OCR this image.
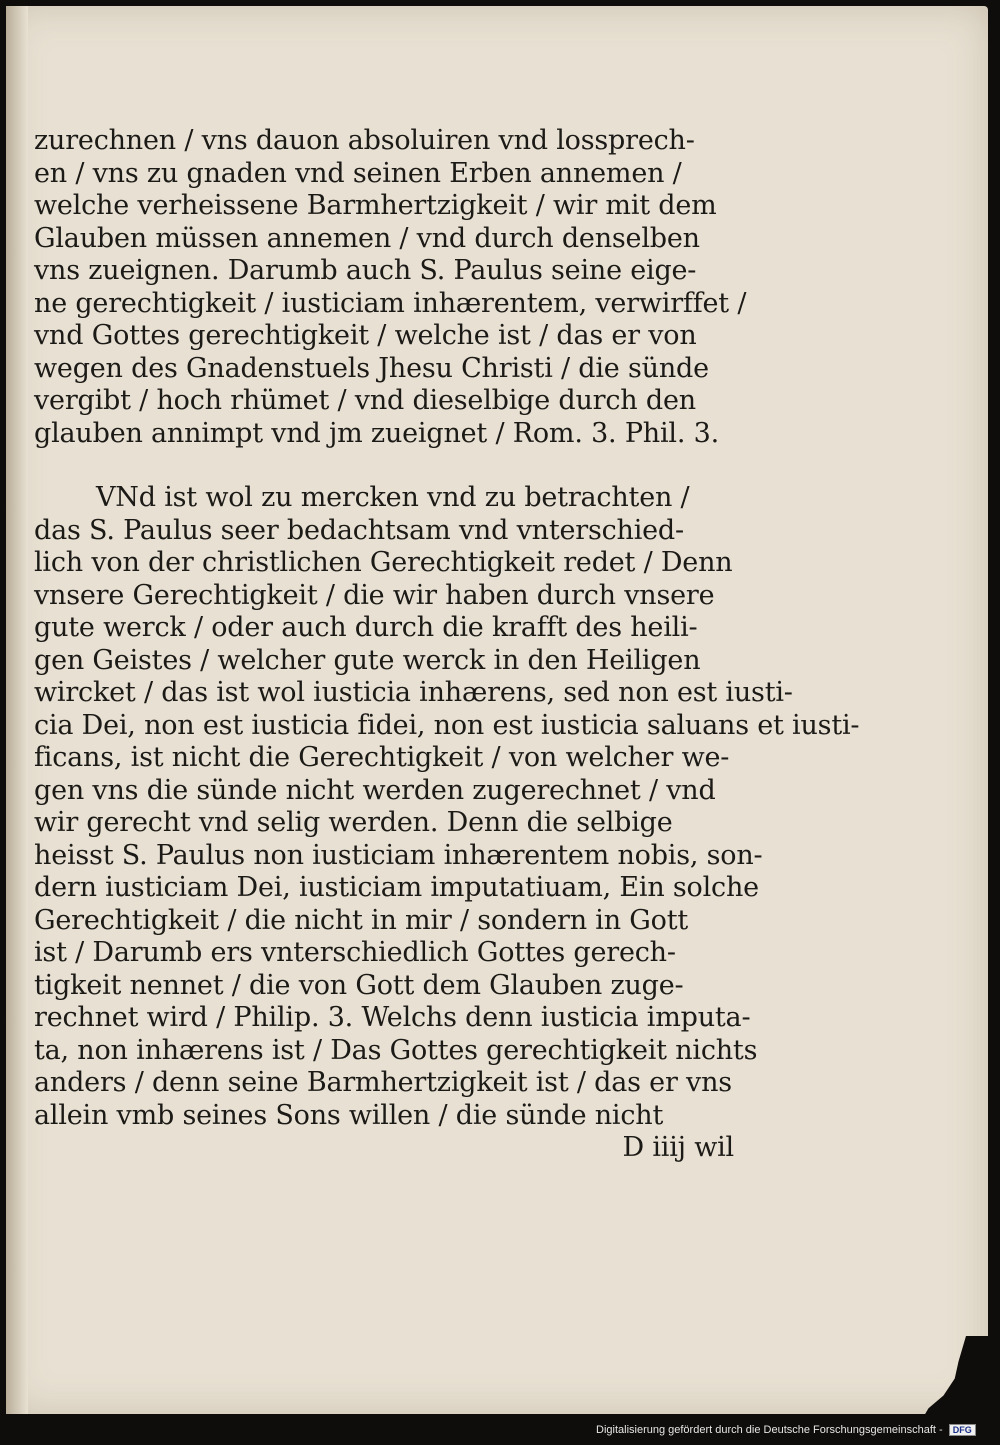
zurechnen / vns dauon absoluiren vnd lossprech-
en / vns zu gnaden vnd seinen Erben annemen /
welche verheissene Barmhertzigkeit / wir mit dem
Glauben müssen annemen / vnd durch denselben
vns zueignen. Darumb auch S. Paulus seine eige-
ne gerechtigkeit / iusticiam inhærentem, verwirffet /
vnd Gottes gerechtigkeit / welche ist / das er von
wegen des Gnadenstuels Jhesu Christi / die sünde
vergibt / hoch rhümet / vnd dieselbige durch den
glauben annimpt vnd jm zueignet / Rom. 3. Phil. 3.
VNd ist wol zu mercken vnd zu betrachten /
das S. Paulus seer bedachtsam vnd vnterschied-
lich von der christlichen Gerechtigkeit redet / Denn
vnsere Gerechtigkeit / die wir haben durch vnsere
gute werck / oder auch durch die krafft des heili-
gen Geistes / welcher gute werck in den Heiligen
wircket / das ist wol iusticia inhærens, sed non est iusti-
cia Dei, non est iusticia fidei, non est iusticia saluans et iusti-
ficans, ist nicht die Gerechtigkeit / von welcher we-
gen vns die sünde nicht werden zugerechnet / vnd
wir gerecht vnd selig werden. Denn die selbige
heisst S. Paulus non iusticiam inhærentem nobis, son-
dern iusticiam Dei, iusticiam imputatiuam, Ein solche
Gerechtigkeit / die nicht in mir / sondern in Gott
ist / Darumb ers vnterschiedlich Gottes gerech-
tigkeit nennet / die von Gott dem Glauben zuge-
rechnet wird / Philip. 3. Welchs denn iusticia imputa-
ta, non inhærens ist / Das Gottes gerechtigkeit nichts
anders / denn seine Barmhertzigkeit ist / das er vns
allein vmb seines Sons willen / die sünde nicht
D iiij wil
Digitalisierung gefördert durch die Deutsche Forschungsgemeinschaft - DFG
